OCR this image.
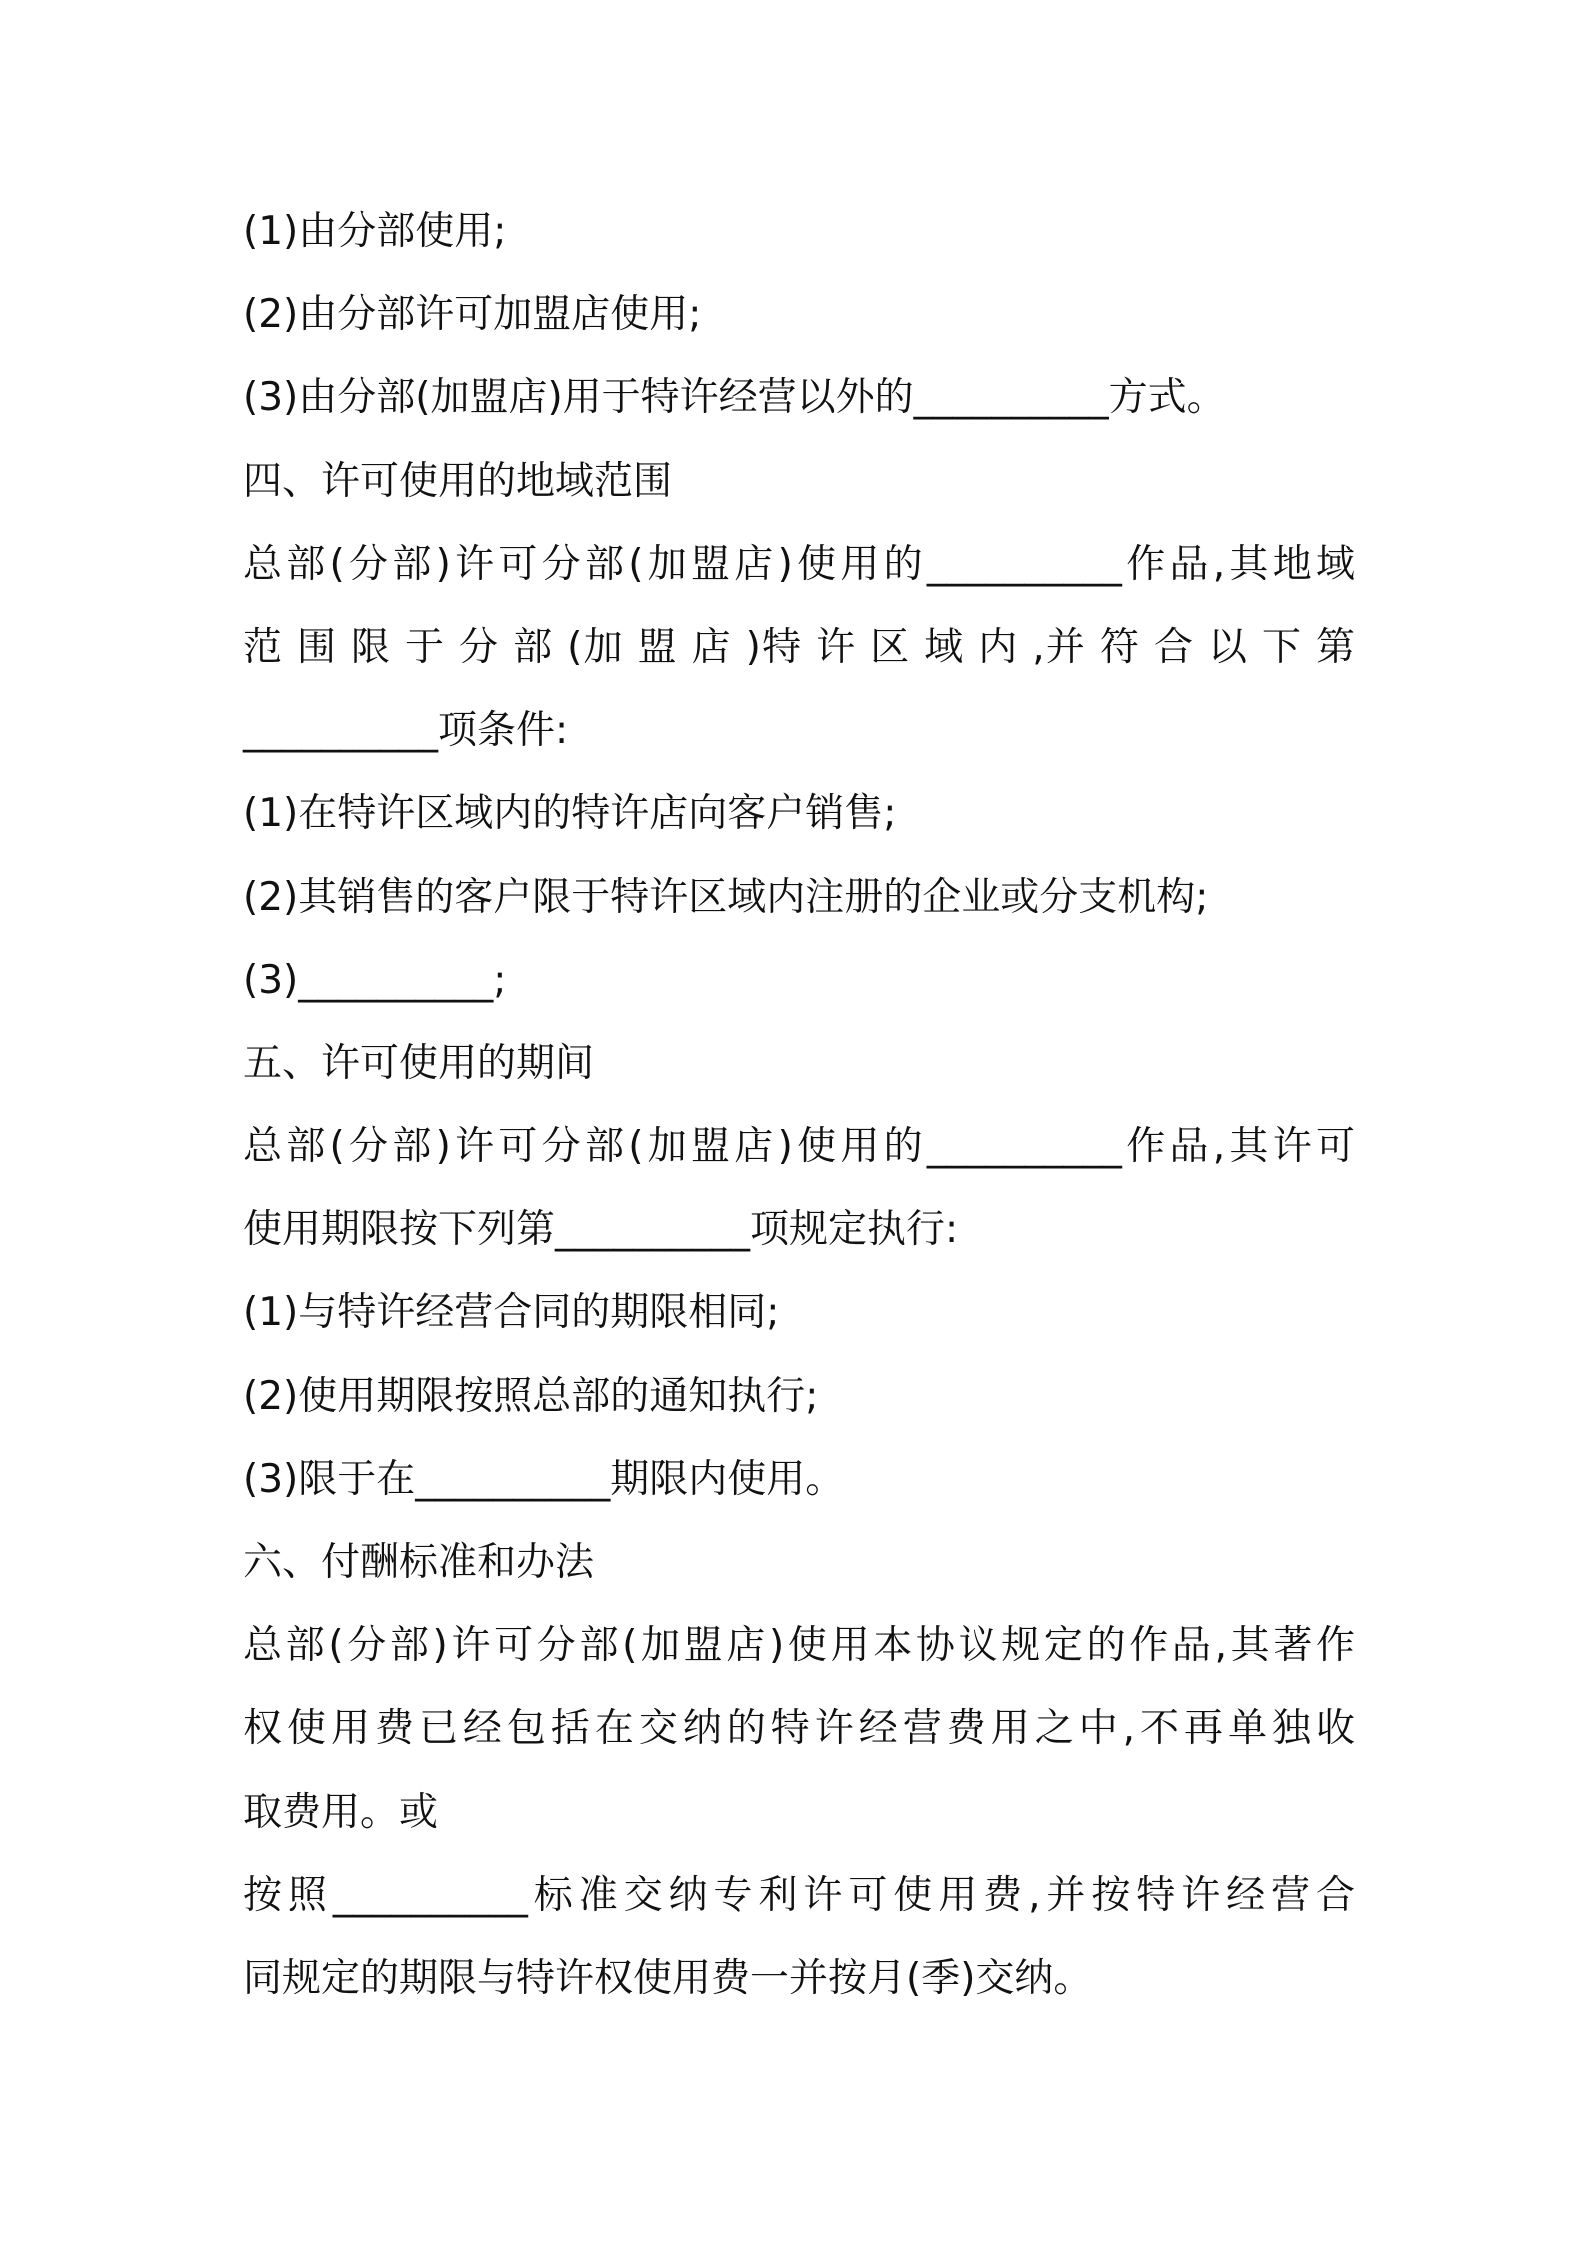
(1)由分部使用;

(2)由分部许可加盟店使用;

(3)由分部(加盟店)用于特许经营以外的__________方式。

四、许可使用的地域范围

总部(分部)许可分部(加盟店)使用的__________作品,其地域

范 围 限 于 分 部 (加 盟 店 )特 许 区 域 内 ,并 符 合 以 下 第

__________项条件:

(1)在特许区域内的特许店向客户销售;

(2)其销售的客户限于特许区域内注册的企业或分支机构;

(3)__________;

五、许可使用的期间

总部(分部)许可分部(加盟店)使用的__________作品,其许可

使用期限按下列第__________项规定执行:

(1)与特许经营合同的期限相同;

(2)使用期限按照总部的通知执行;

(3)限于在__________期限内使用。

六、付酬标准和办法

总部(分部)许可分部(加盟店)使用本协议规定的作品,其著作

权使用费已经包括在交纳的特许经营费用之中,不再单独收

取费用。或

按照__________标准交纳专利许可使用费,并按特许经营合

同规定的期限与特许权使用费一并按月(季)交纳。
